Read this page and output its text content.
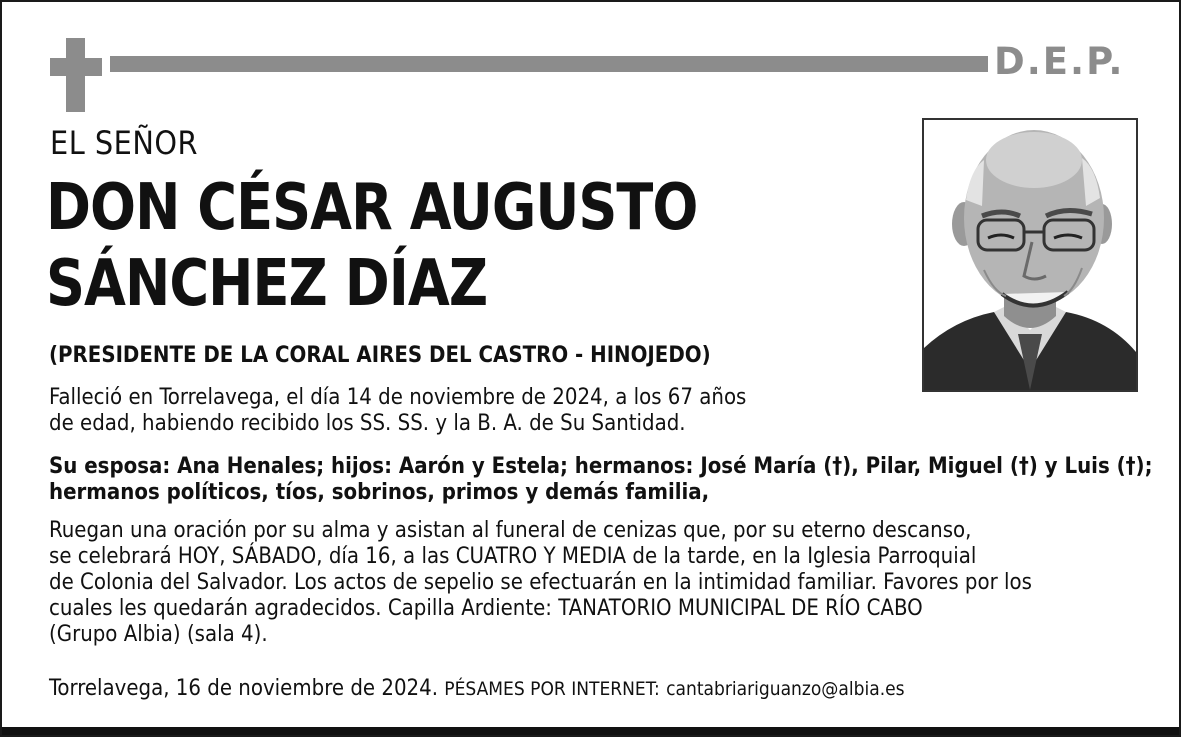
D.E.P.
EL SEÑOR
DON CÉSAR AUGUSTO
SÁNCHEZ DÍAZ
(PRESIDENTE DE LA CORAL AIRES DEL CASTRO - HINOJEDO)
Falleció en Torrelavega, el día 14 de noviembre de 2024, a los 67 años
de edad, habiendo recibido los SS. SS. y la B. A. de Su Santidad.
Su esposa: Ana Henales; hijos: Aarón y Estela; hermanos: José María (†), Pilar, Miguel (†) y Luis (†);
hermanos políticos, tíos, sobrinos, primos y demás familia,
Ruegan una oración por su alma y asistan al funeral de cenizas que, por su eterno descanso,
se celebrará HOY, SÁBADO, día 16, a las CUATRO Y MEDIA de la tarde, en la Iglesia Parroquial
de Colonia del Salvador. Los actos de sepelio se efectuarán en la intimidad familiar. Favores por los
cuales les quedarán agradecidos. Capilla Ardiente: TANATORIO MUNICIPAL DE RÍO CABO
(Grupo Albia) (sala 4).
Torrelavega, 16 de noviembre de 2024. PÉSAMES POR INTERNET: cantabriariguanzo@albia.es
